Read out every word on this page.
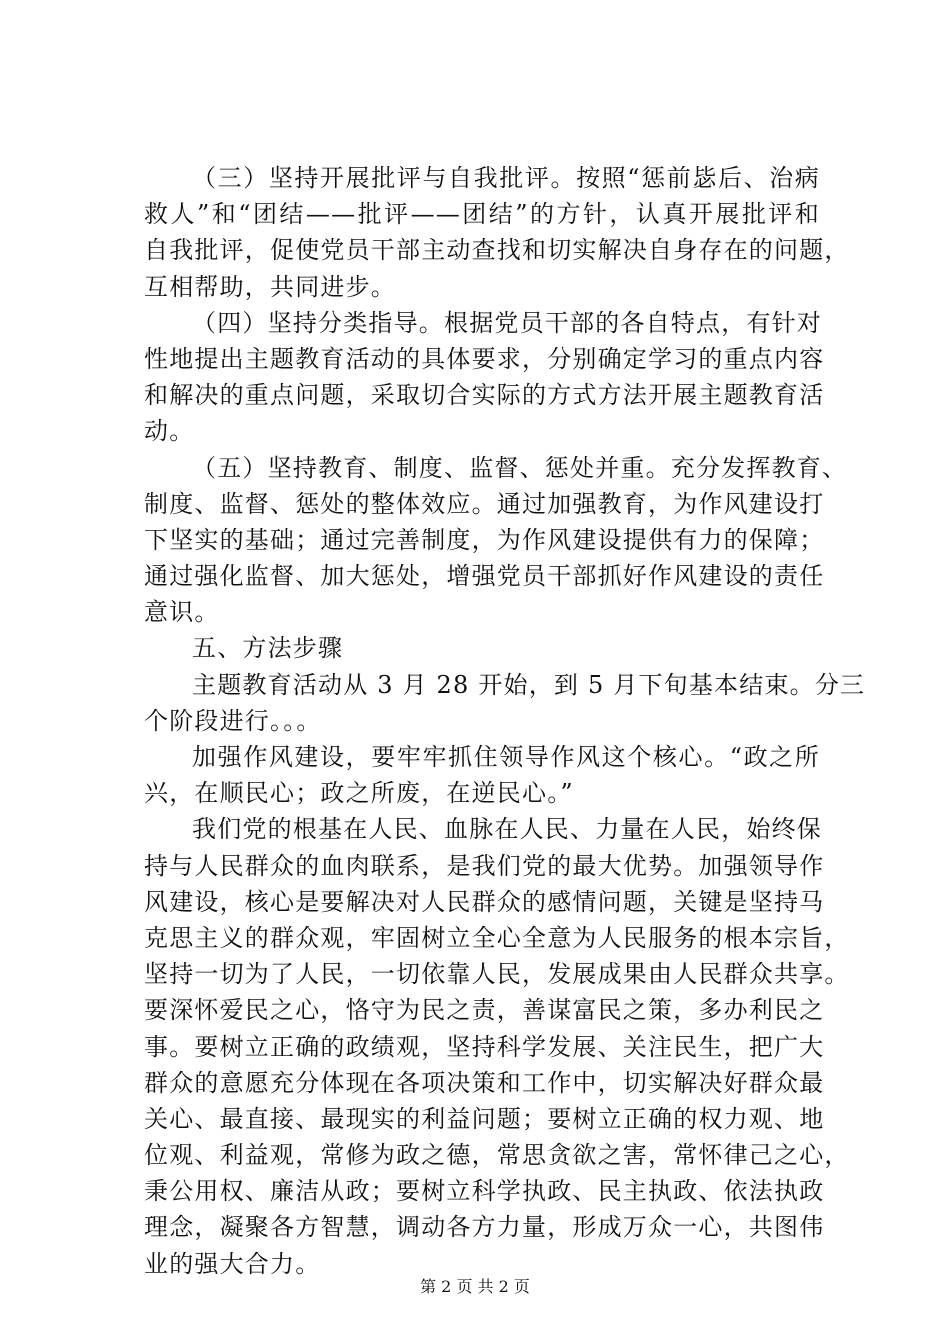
（三）坚持开展批评与自我批评。按照“惩前毖后、治病
救人”和“团结——批评——团结”的方针，认真开展批评和
自我批评，促使党员干部主动查找和切实解决自身存在的问题，
互相帮助，共同进步。
（四）坚持分类指导。根据党员干部的各自特点，有针对
性地提出主题教育活动的具体要求，分别确定学习的重点内容
和解决的重点问题，采取切合实际的方式方法开展主题教育活
动。
（五）坚持教育、制度、监督、惩处并重。充分发挥教育、
制度、监督、惩处的整体效应。通过加强教育，为作风建设打
下坚实的基础；通过完善制度，为作风建设提供有力的保障；
通过强化监督、加大惩处，增强党员干部抓好作风建设的责任
意识。
五、方法步骤
主题教育活动从 3 月 28 开始，到 5 月下旬基本结束。分三
个阶段进行。。。
加强作风建设，要牢牢抓住领导作风这个核心。“政之所
兴，在顺民心；政之所废，在逆民心。”
我们党的根基在人民、血脉在人民、力量在人民，始终保
持与人民群众的血肉联系，是我们党的最大优势。加强领导作
风建设，核心是要解决对人民群众的感情问题，关键是坚持马
克思主义的群众观，牢固树立全心全意为人民服务的根本宗旨，
坚持一切为了人民，一切依靠人民，发展成果由人民群众共享。
要深怀爱民之心，恪守为民之责，善谋富民之策，多办利民之
事。要树立正确的政绩观，坚持科学发展、关注民生，把广大
群众的意愿充分体现在各项决策和工作中，切实解决好群众最
关心、最直接、最现实的利益问题；要树立正确的权力观、地
位观、利益观，常修为政之德，常思贪欲之害，常怀律己之心，
秉公用权、廉洁从政；要树立科学执政、民主执政、依法执政
理念，凝聚各方智慧，调动各方力量，形成万众一心，共图伟
业的强大合力。
第 2 页 共 2 页
